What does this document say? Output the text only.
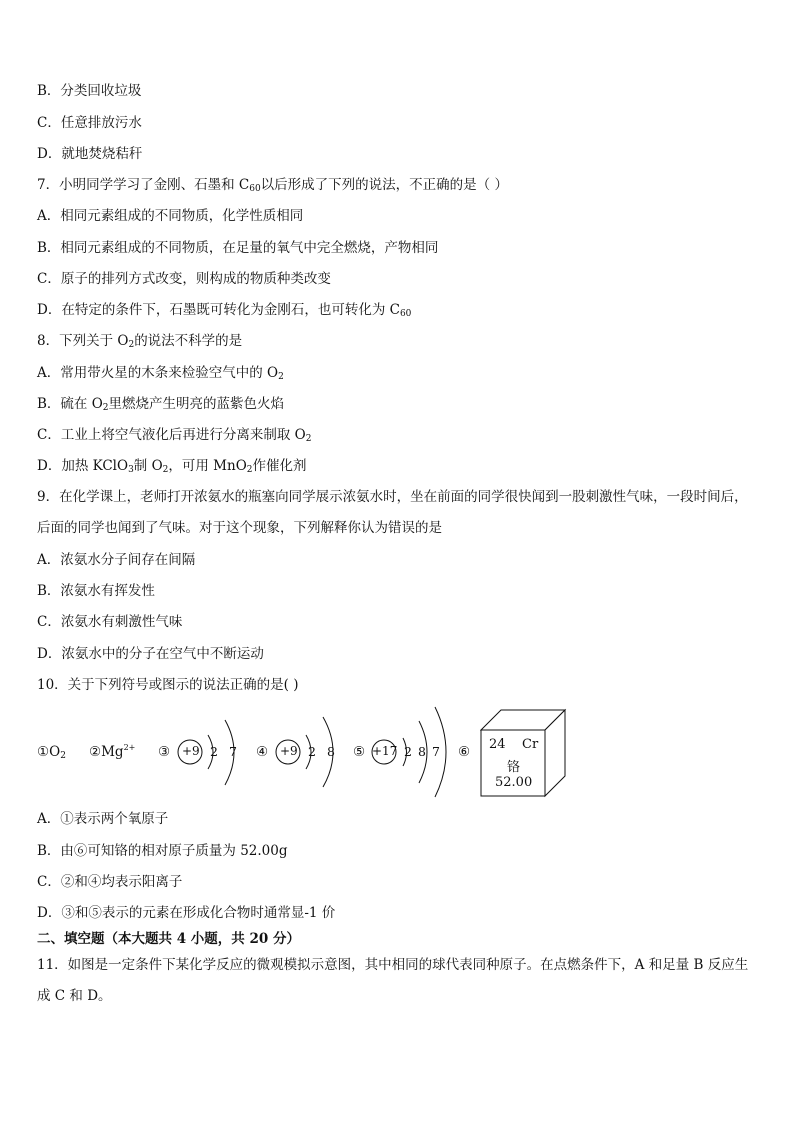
B．分类回收垃圾
C．任意排放污水
D．就地焚烧秸秆
7．小明同学学习了金刚、石墨和 $C_{60}$以后形成了下列的说法，不正确的是（ ）
A．相同元素组成的不同物质，化学性质相同
B．相同元素组成的不同物质，在足量的氧气中完全燃烧，产物相同
C．原子的排列方式改变，则构成的物质种类改变
D．在特定的条件下，石墨既可转化为金刚石，也可转化为 $C_{60}$
8．下列关于 $O_2$的说法不科学的是
A．常用带火星的木条来检验空气中的 $O_2$
B．硫在 $O_2$里燃烧产生明亮的蓝紫色火焰
C．工业上将空气液化后再进行分离来制取 $O_2$
D．加热 KClO$_3$制 $O_2$，可用 MnO$_2$作催化剂
9．在化学课上，老师打开浓氨水的瓶塞向同学展示浓氨水时，坐在前面的同学很快闻到一股刺激性气味，一段时间后，后面的同学也闻到了气味。对于这个现象，下列解释你认为错误的是
A．浓氨水分子间存在间隔
B．浓氨水有挥发性
C．浓氨水有刺激性气味
D．浓氨水中的分子在空气中不断运动
10．关于下列符号或图示的说法正确的是( )
$①O_2$ $②Mg^{2+}$ ③ +9 2 7 ④ +9 2 8 ⑤ +17 2 8 7 ⑥ 24 Cr
铬
52.00
A．①表示两个氧原子
B．由⑥可知铬的相对原子质量为 52.00g
C．②和④均表示阳离子
D．③和⑤表示的元素在形成化合物时通常显-1 价
二、填空题（本大题共 4 小题，共 20 分）
11．如图是一定条件下某化学反应的微观模拟示意图，其中相同的球代表同种原子。在点燃条件下，A 和足量 B 反应生成 C 和 D。
